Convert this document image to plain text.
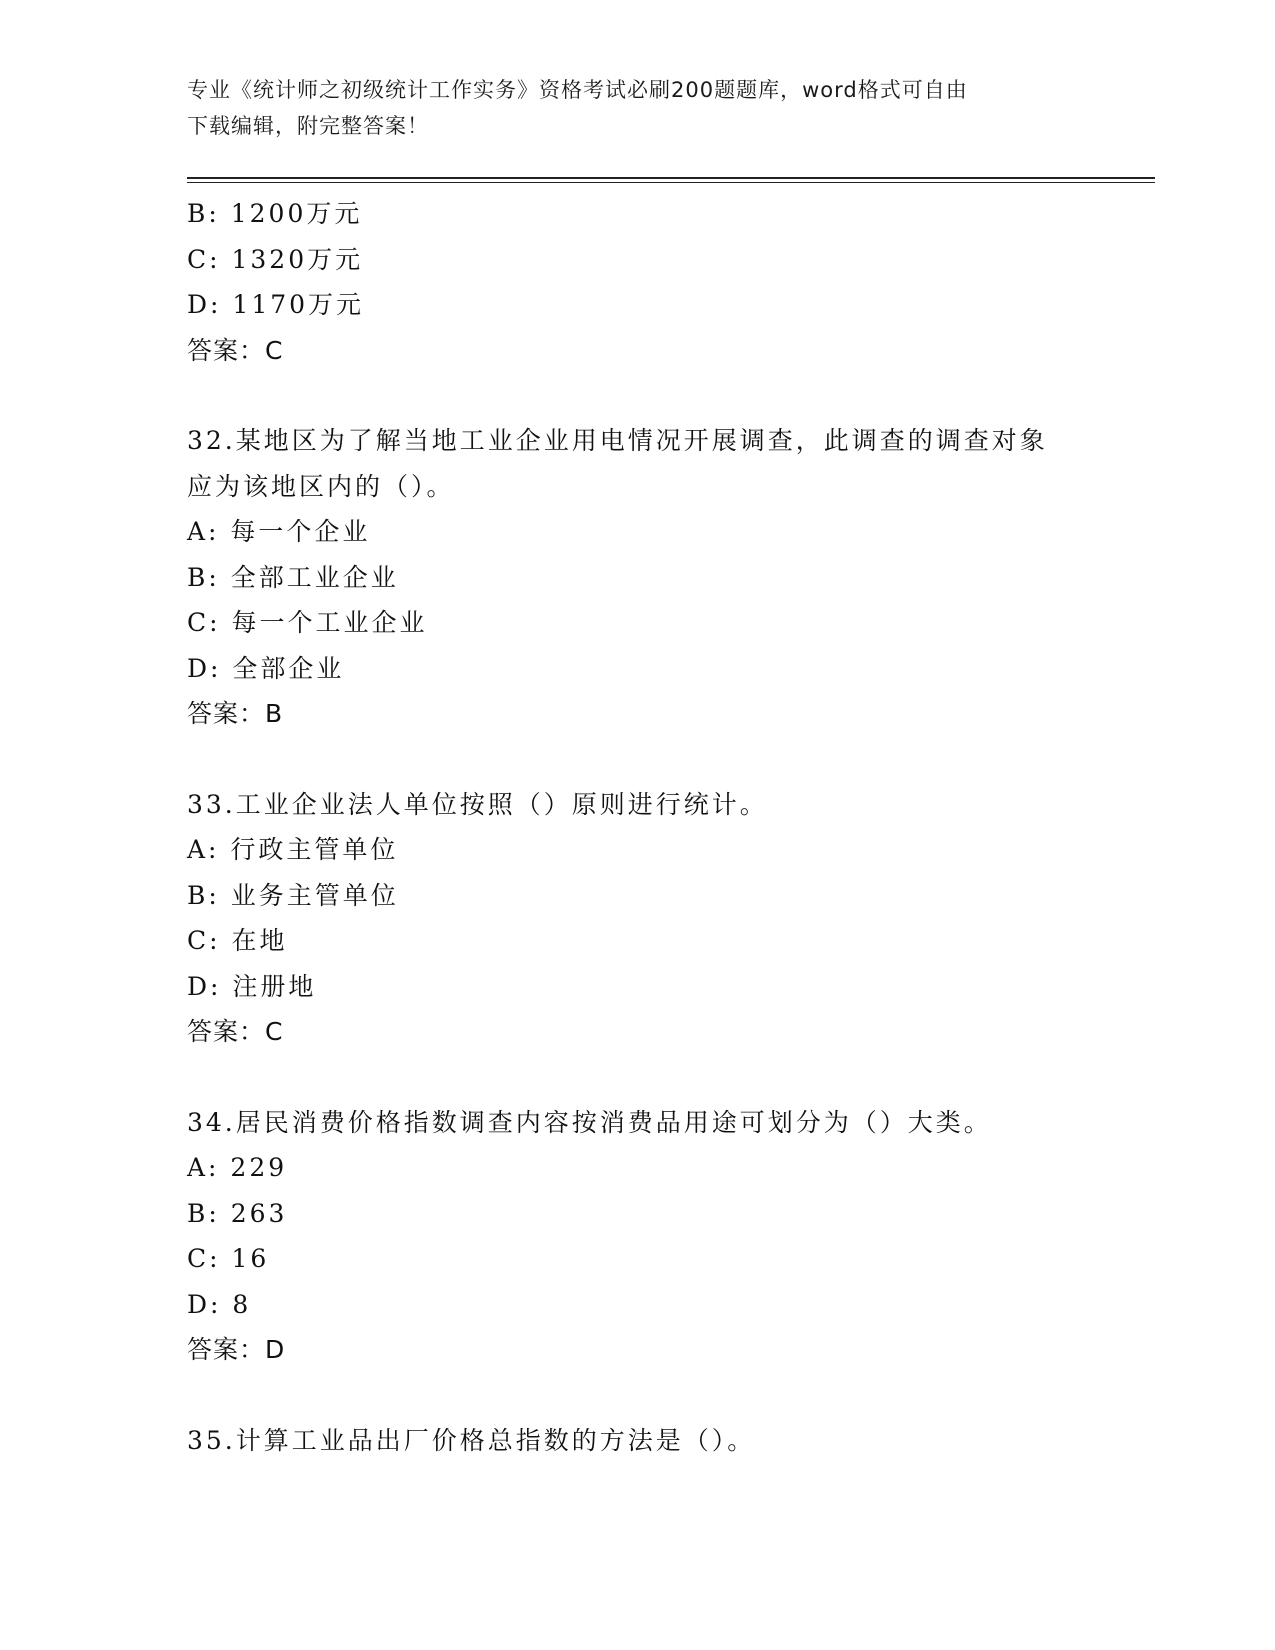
专业《统计师之初级统计工作实务》资格考试必刷200题题库，word格式可自由
下载编辑，附完整答案！
B: 1200万元
C: 1320万元
D: 1170万元
答案：C
32.某地区为了解当地工业企业用电情况开展调查，此调查的调查对象
应为该地区内的（）。
A: 每一个企业
B: 全部工业企业
C: 每一个工业企业
D: 全部企业
答案：B
33.工业企业法人单位按照（）原则进行统计。
A: 行政主管单位
B: 业务主管单位
C: 在地
D: 注册地
答案：C
34.居民消费价格指数调查内容按消费品用途可划分为（）大类。
A: 229
B: 263
C: 16
D: 8
答案：D
35.计算工业品出厂价格总指数的方法是（）。
